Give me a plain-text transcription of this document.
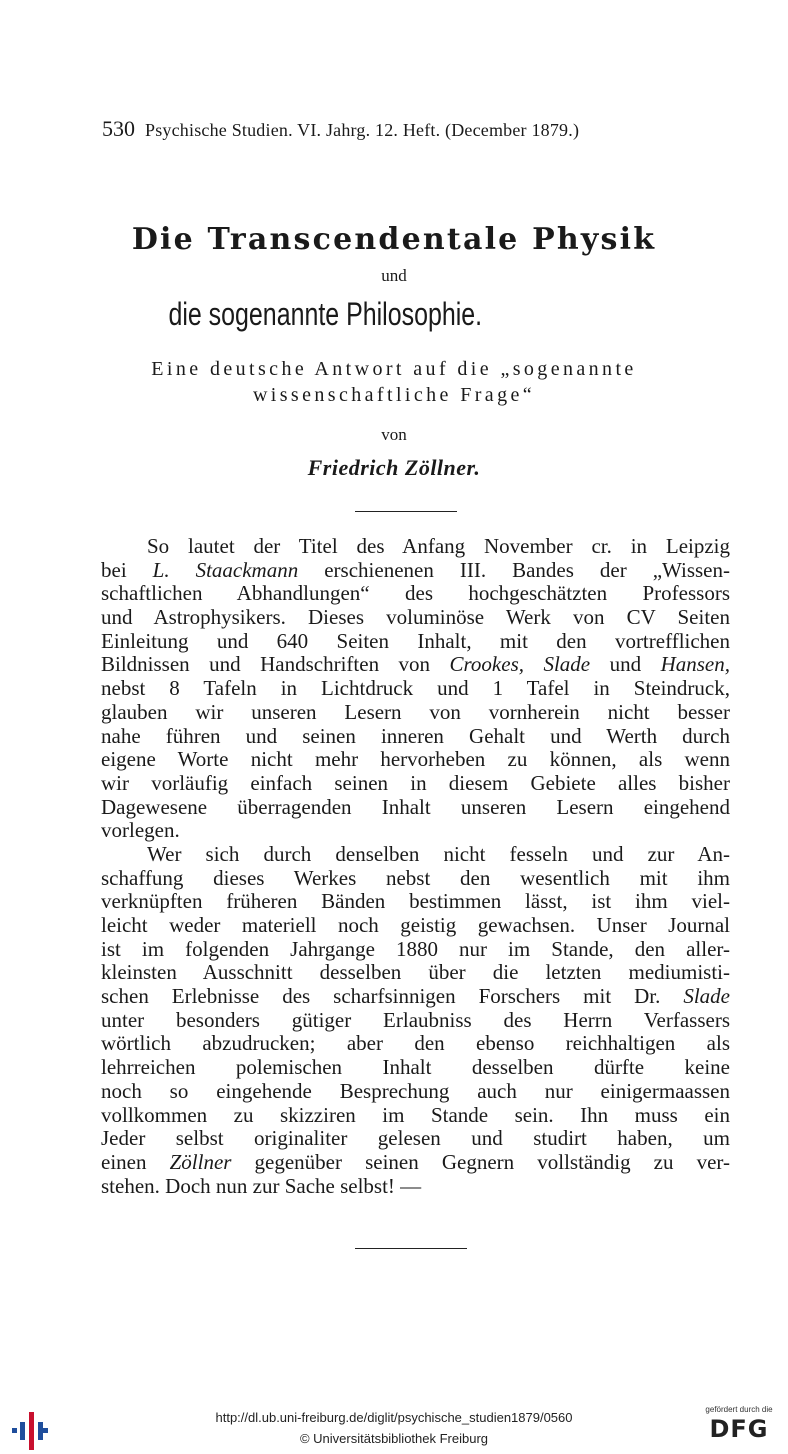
530 Psychische Studien. VI. Jahrg. 12. Heft. (December 1879.)
Die Transcendentale Physik
und
die sogenannte Philosophie.
Eine deutsche Antwort auf die „sogenannte
wissenschaftliche Frage“
von
Friedrich Zöllner.
So lautet der Titel des Anfang November cr. in Leipzig
bei L. Staackmann erschienenen III. Bandes der „Wissen-
schaftlichen Abhandlungen“ des hochgeschätzten Professors
und Astrophysikers. Dieses voluminöse Werk von CV Seiten
Einleitung und 640 Seiten Inhalt, mit den vortrefflichen
Bildnissen und Handschriften von Crookes, Slade und Hansen,
nebst 8 Tafeln in Lichtdruck und 1 Tafel in Steindruck,
glauben wir unseren Lesern von vornherein nicht besser
nahe führen und seinen inneren Gehalt und Werth durch
eigene Worte nicht mehr hervorheben zu können, als wenn
wir vorläufig einfach seinen in diesem Gebiete alles bisher
Dagewesene überragenden Inhalt unseren Lesern eingehend
vorlegen.
Wer sich durch denselben nicht fesseln und zur An-
schaffung dieses Werkes nebst den wesentlich mit ihm
verknüpften früheren Bänden bestimmen lässt, ist ihm viel-
leicht weder materiell noch geistig gewachsen. Unser Journal
ist im folgenden Jahrgange 1880 nur im Stande, den aller-
kleinsten Ausschnitt desselben über die letzten mediumisti-
schen Erlebnisse des scharfsinnigen Forschers mit Dr. Slade
unter besonders gütiger Erlaubniss des Herrn Verfassers
wörtlich abzudrucken; aber den ebenso reichhaltigen als
lehrreichen polemischen Inhalt desselben dürfte keine
noch so eingehende Besprechung auch nur einigermaassen
vollkommen zu skizziren im Stande sein. Ihn muss ein
Jeder selbst originaliter gelesen und studirt haben, um
einen Zöllner gegenüber seinen Gegnern vollständig zu ver-
stehen. Doch nun zur Sache selbst! —
http://dl.ub.uni-freiburg.de/diglit/psychische_studien1879/0560
© Universitätsbibliothek Freiburg
gefördert durch die
DFG
